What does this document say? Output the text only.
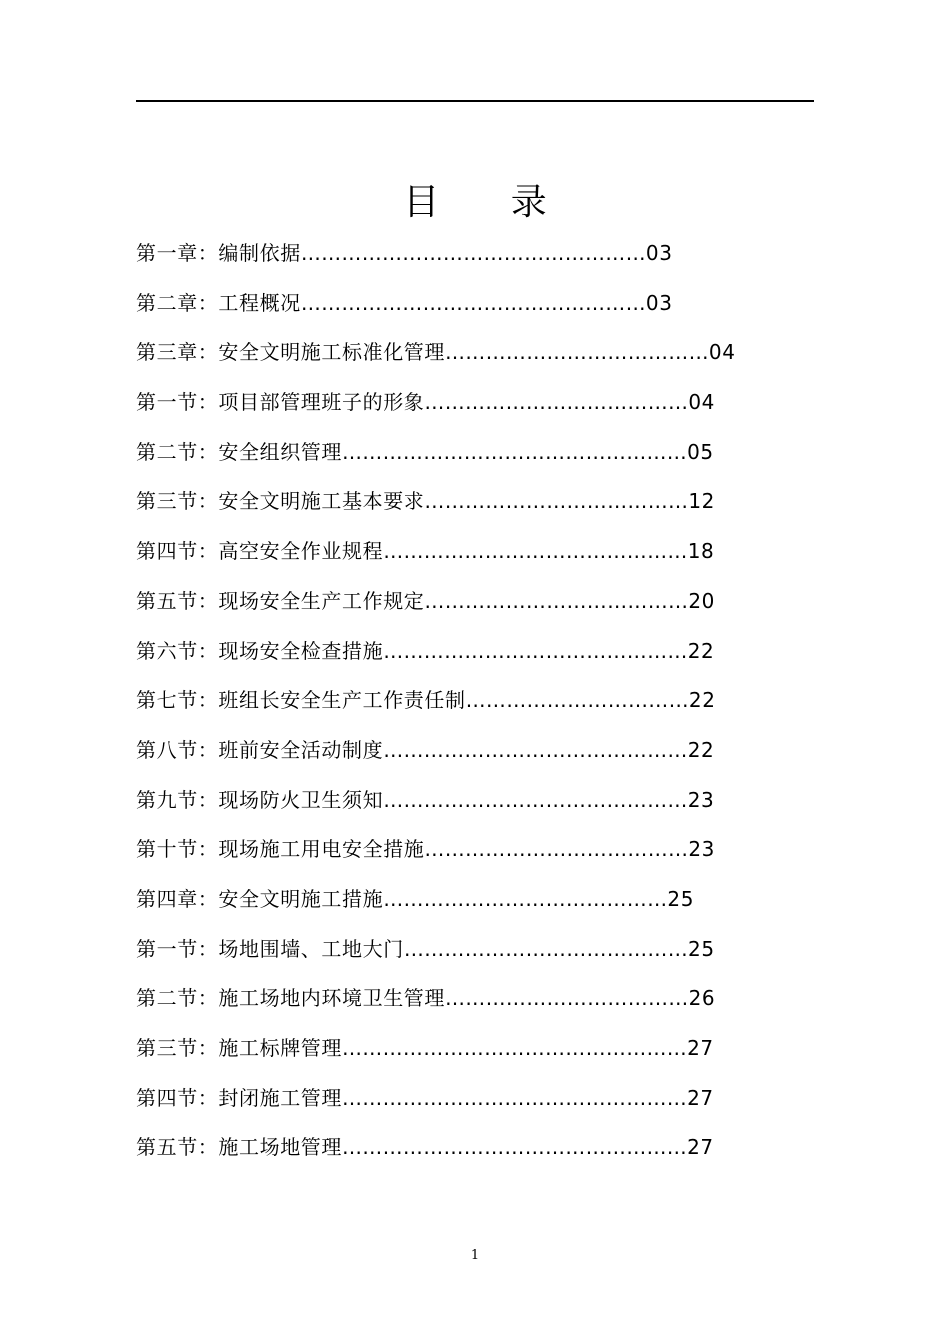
目 录
第一章：编制依据 …………………………………………… 03
第二章：工程概况 …………………………………………… 03
第三章：安全文明施工标准化管理 ………………………………… 04
第一节：项目部管理班子的形象 ………………………………… 04
第二节：安全组织管理 …………………………………………… 05
第三节：安全文明施工基本要求 ………………………………… 12
第四节：高空安全作业规程 ……………………………………… 18
第五节：现场安全生产工作规定 ………………………………… 20
第六节：现场安全检查措施 ……………………………………… 22
第七节：班组长安全生产工作责任制 …………………………… 22
第八节：班前安全活动制度 ……………………………………… 22
第九节：现场防火卫生须知 ……………………………………… 23
第十节：现场施工用电安全措施 ………………………………… 23
第四章：安全文明施工措施 …………………………………… 25
第一节：场地围墙、工地大门 …………………………………… 25
第二节：施工场地内环境卫生管理 ……………………………… 26
第三节：施工标牌管理 …………………………………………… 27
第四节：封闭施工管理 …………………………………………… 27
第五节：施工场地管理 …………………………………………… 27
1
